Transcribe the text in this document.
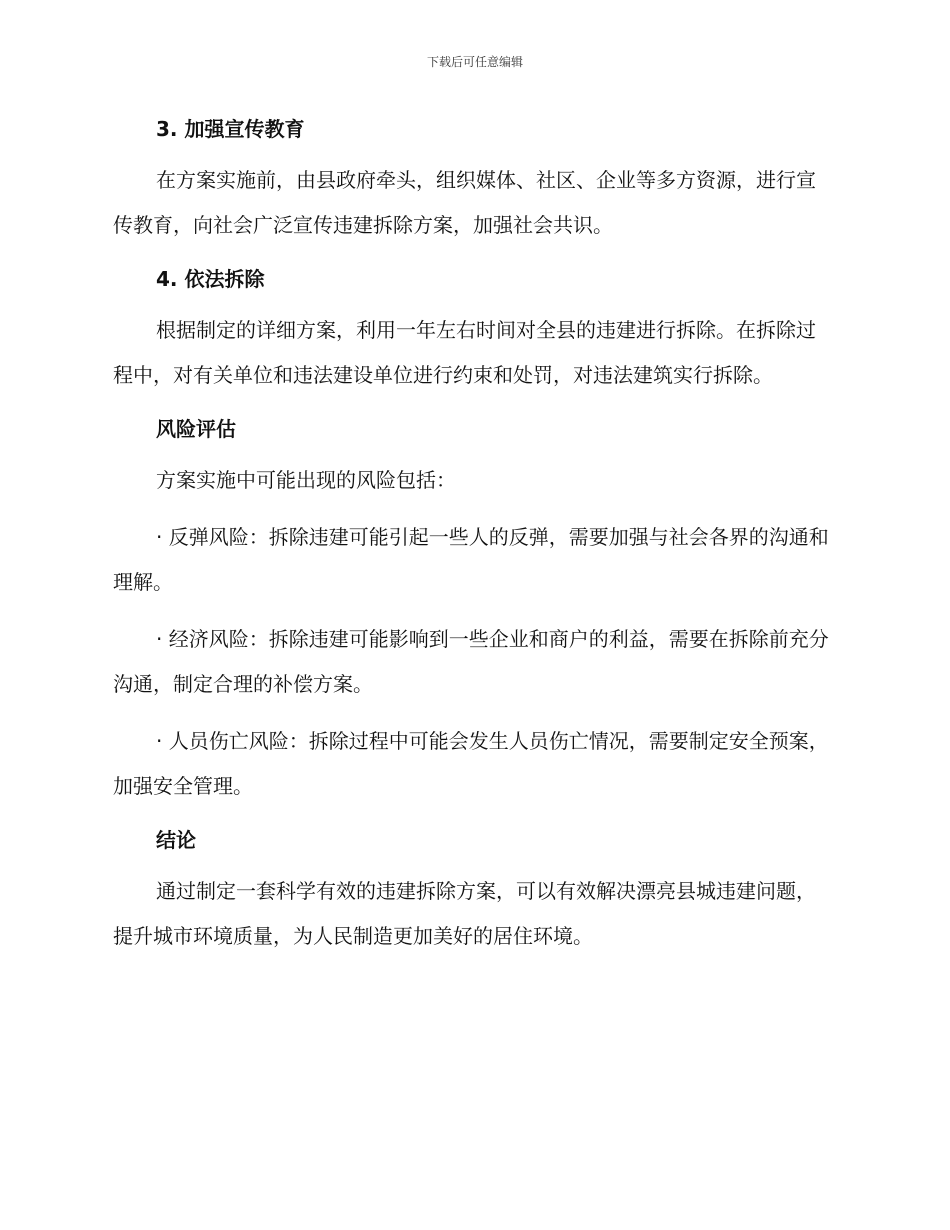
下载后可任意编辑

3. 加强宣传教育

在方案实施前，由县政府牵头，组织媒体、社区、企业等多方资源，进行宣传教育，向社会广泛宣传违建拆除方案，加强社会共识。

4. 依法拆除

根据制定的详细方案，利用一年左右时间对全县的违建进行拆除。在拆除过程中，对有关单位和违法建设单位进行约束和处罚，对违法建筑实行拆除。

风险评估

方案实施中可能出现的风险包括：

· 反弹风险：拆除违建可能引起一些人的反弹，需要加强与社会各界的沟通和理解。

· 经济风险：拆除违建可能影响到一些企业和商户的利益，需要在拆除前充分沟通，制定合理的补偿方案。

· 人员伤亡风险：拆除过程中可能会发生人员伤亡情况，需要制定安全预案，加强安全管理。

结论

通过制定一套科学有效的违建拆除方案，可以有效解决漂亮县城违建问题，提升城市环境质量，为人民制造更加美好的居住环境。
